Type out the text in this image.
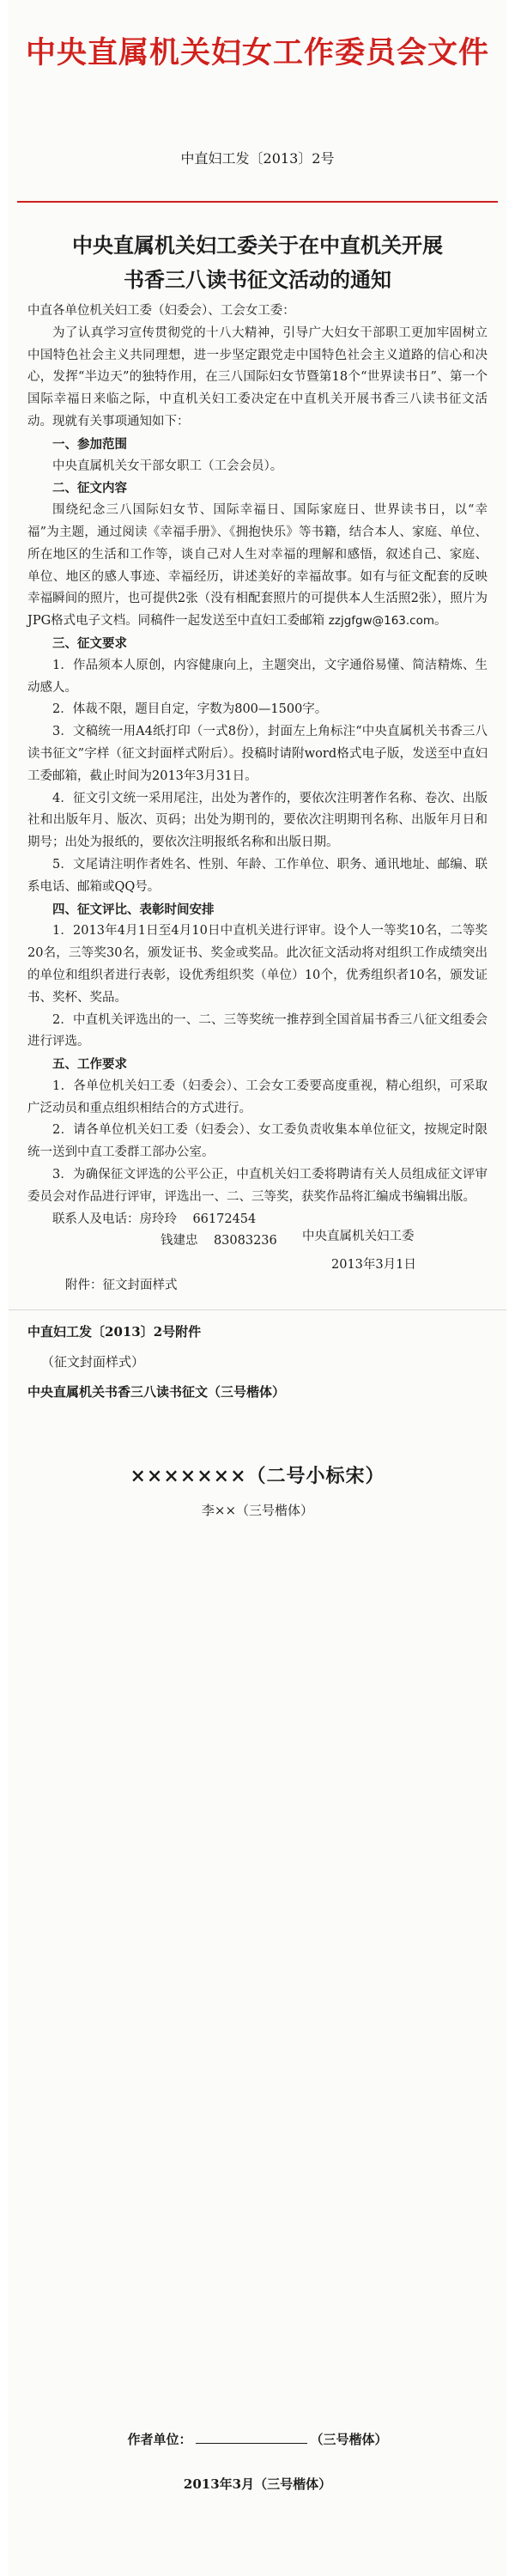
中央直属机关妇女工作委员会文件
中直妇工发〔2013〕2号
中央直属机关妇工委关于在中直机关开展
书香三八读书征文活动的通知

中直各单位机关妇工委（妇委会）、工会女工委：

为了认真学习宣传贯彻党的十八大精神，引导广大妇女干部职工更加牢固树立中国特色社会主义共同理想，进一步坚定跟党走中国特色社会主义道路的信心和决心，发挥“半边天”的独特作用，在三八国际妇女节暨第18个“世界读书日”、第一个国际幸福日来临之际，中直机关妇工委决定在中直机关开展书香三八读书征文活动。现就有关事项通知如下：

一、参加范围

中央直属机关女干部女职工（工会会员）。

二、征文内容

围绕纪念三八国际妇女节、国际幸福日、国际家庭日、世界读书日，以“幸福”为主题，通过阅读《幸福手册》、《拥抱快乐》等书籍，结合本人、家庭、单位、所在地区的生活和工作等，谈自己对人生对幸福的理解和感悟，叙述自己、家庭、单位、地区的感人事迹、幸福经历，讲述美好的幸福故事。如有与征文配套的反映幸福瞬间的照片，也可提供2张（没有相配套照片的可提供本人生活照2张），照片为JPG格式电子文档。同稿件一起发送至中直妇工委邮箱 zzjgfgw@163.com。

三、征文要求

1．作品须本人原创，内容健康向上，主题突出，文字通俗易懂、简洁精炼、生动感人。

2．体裁不限，题目自定，字数为800—1500字。

3．文稿统一用A4纸打印（一式8份），封面左上角标注“中央直属机关书香三八读书征文”字样（征文封面样式附后）。投稿时请附word格式电子版，发送至中直妇工委邮箱，截止时间为2013年3月31日。

4．征文引文统一采用尾注，出处为著作的，要依次注明著作名称、卷次、出版社和出版年月、版次、页码；出处为期刊的，要依次注明期刊名称、出版年月日和期号；出处为报纸的，要依次注明报纸名称和出版日期。

5．文尾请注明作者姓名、性别、年龄、工作单位、职务、通讯地址、邮编、联系电话、邮箱或QQ号。

四、征文评比、表彰时间安排

1．2013年4月1日至4月10日中直机关进行评审。设个人一等奖10名，二等奖20名，三等奖30名，颁发证书、奖金或奖品。此次征文活动将对组织工作成绩突出的单位和组织者进行表彰，设优秀组织奖（单位）10个，优秀组织者10名，颁发证书、奖杯、奖品。

2．中直机关评选出的一、二、三等奖统一推荐到全国首届书香三八征文组委会进行评选。

五、工作要求

1．各单位机关妇工委（妇委会）、工会女工委要高度重视，精心组织，可采取广泛动员和重点组织相结合的方式进行。

2．请各单位机关妇工委（妇委会）、女工委负责收集本单位征文，按规定时限统一送到中直工委群工部办公室。

3．为确保征文评选的公平公正，中直机关妇工委将聘请有关人员组成征文评审委员会对作品进行评审，评选出一、二、三等奖，获奖作品将汇编成书编辑出版。

联系人及电话：房玲玲 66172454

钱建忠 83083236

附件：征文封面样式

中央直属机关妇工委
2013年3月1日
中直妇工发〔2013〕2号附件
（征文封面样式）
中央直属机关书香三八读书征文（三号楷体）
×××××××（二号小标宋）
李××（三号楷体）
作者单位：	（三号楷体）
2013年3月（三号楷体）
